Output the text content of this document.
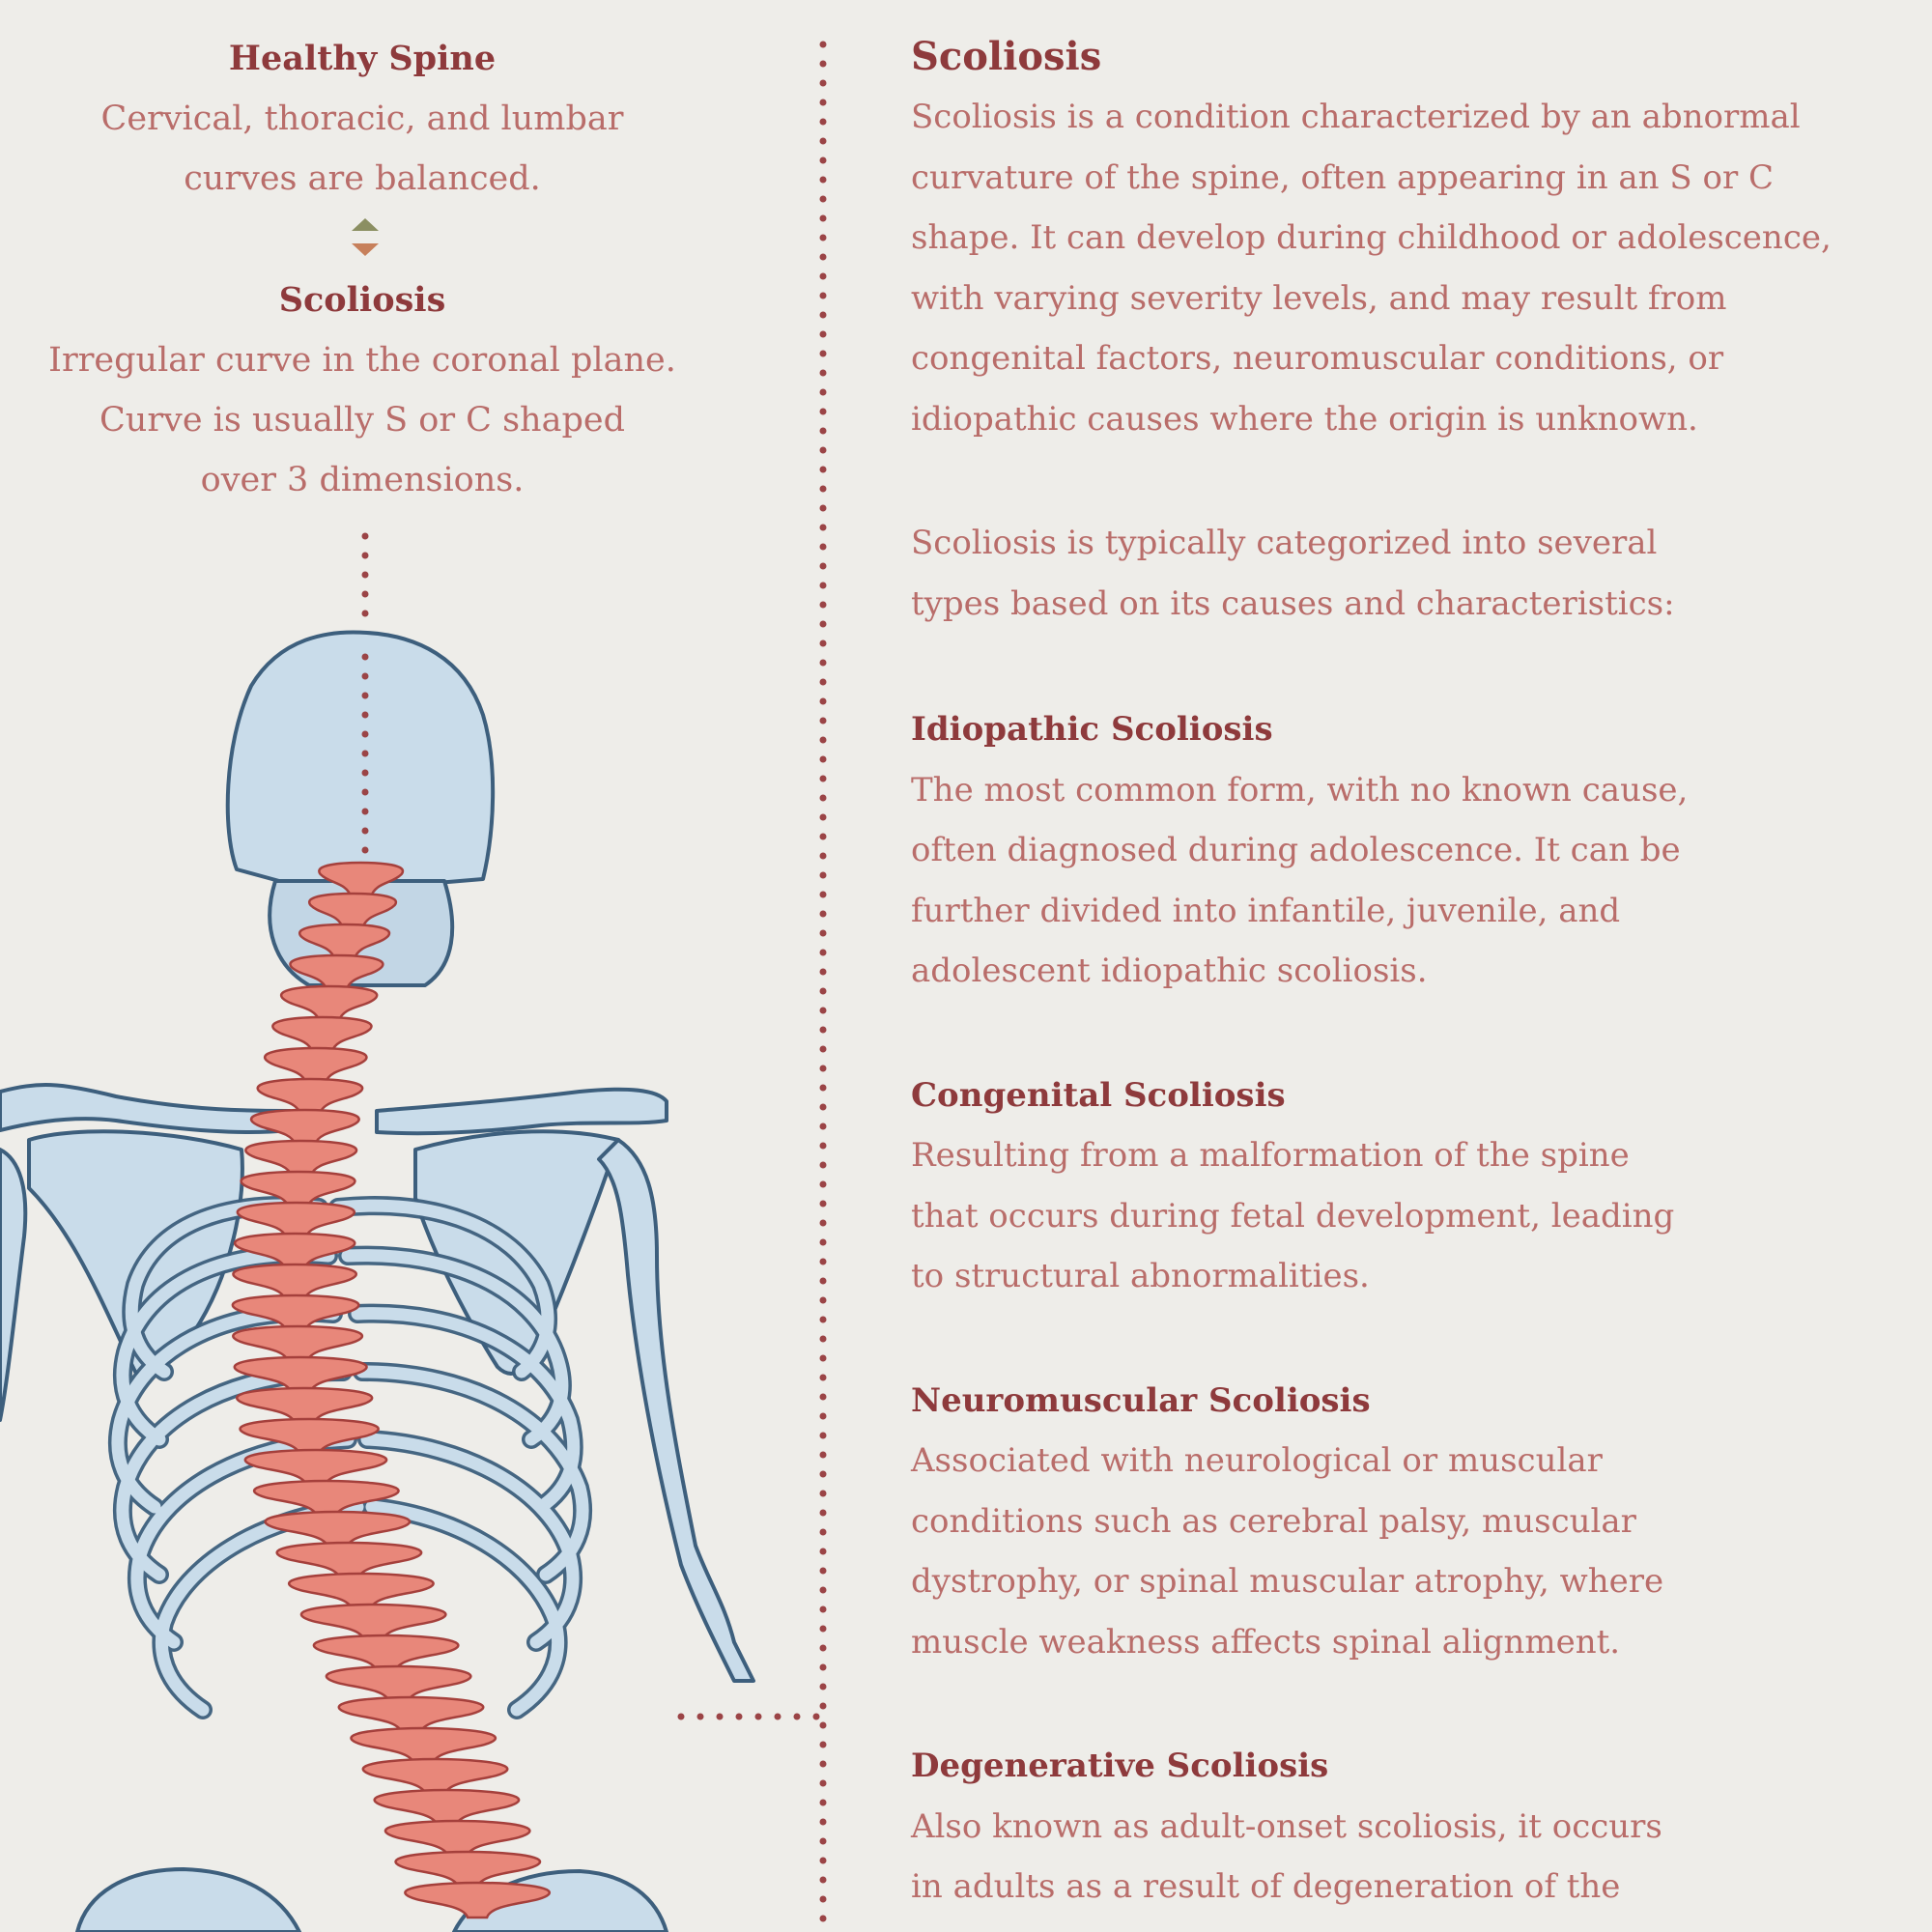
Healthy Spine
Cervical, thoracic, and lumbar
curves are balanced.
Scoliosis
Irregular curve in the coronal plane.
Curve is usually S or C shaped
over 3 dimensions.

Scoliosis

Scoliosis is a condition characterized by an abnormal

curvature of the spine, often appearing in an S or C

shape. It can develop during childhood or adolescence,

with varying severity levels, and may result from

congenital factors, neuromuscular conditions, or

idiopathic causes where the origin is unknown.

Scoliosis is typically categorized into several

types based on its causes and characteristics:

Idiopathic Scoliosis

The most common form, with no known cause,

often diagnosed during adolescence. It can be

further divided into infantile, juvenile, and

adolescent idiopathic scoliosis.

Congenital Scoliosis

Resulting from a malformation of the spine

that occurs during fetal development, leading

to structural abnormalities.

Neuromuscular Scoliosis

Associated with neurological or muscular

conditions such as cerebral palsy, muscular

dystrophy, or spinal muscular atrophy, where

muscle weakness affects spinal alignment.

Degenerative Scoliosis

Also known as adult-onset scoliosis, it occurs

in adults as a result of degeneration of the
